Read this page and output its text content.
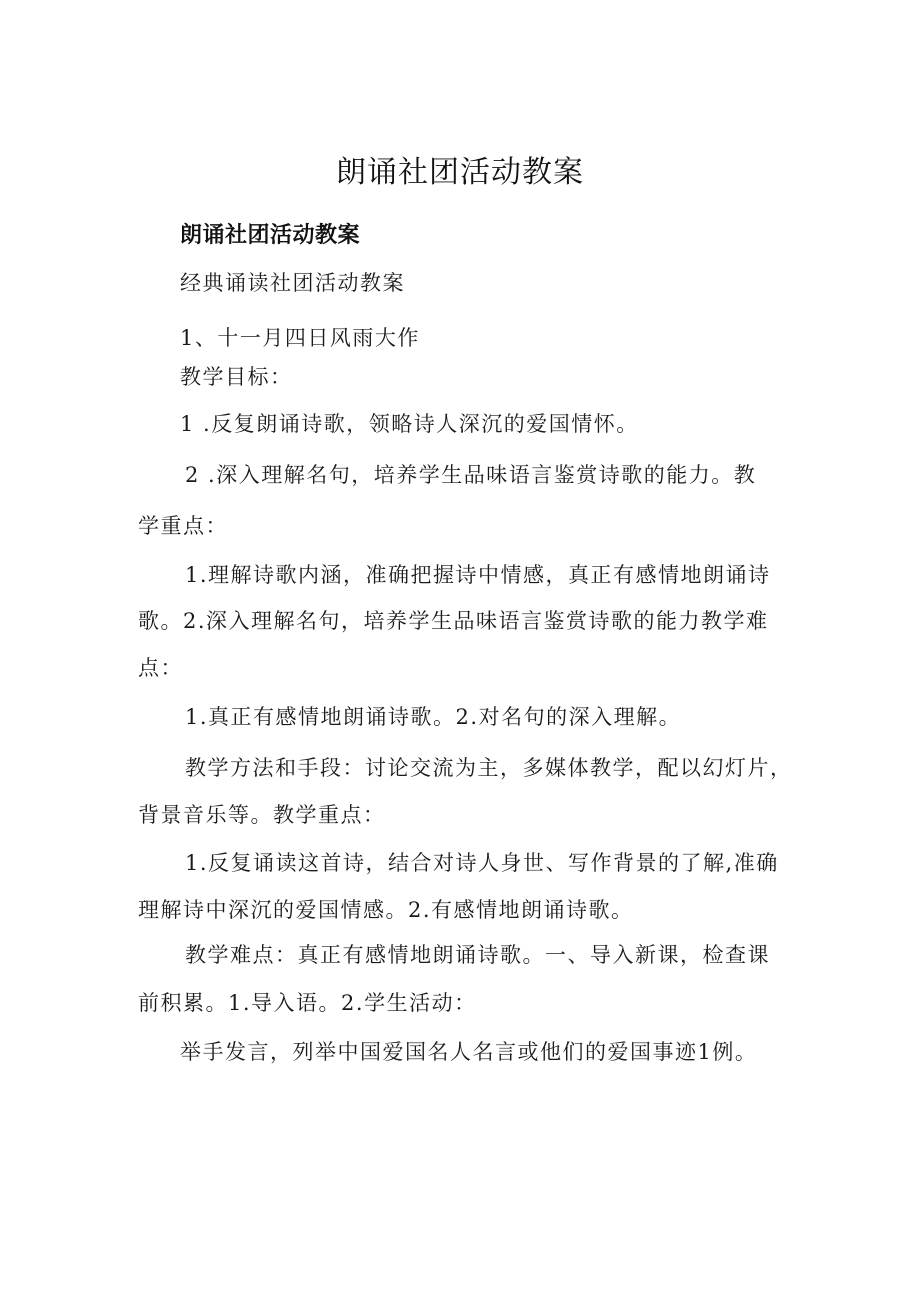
朗诵社团活动教案
朗诵社团活动教案
经典诵读社团活动教案
1、十一月四日风雨大作
教学目标：
1 .反复朗诵诗歌，领略诗人深沉的爱国情怀。
2 .深入理解名句，培养学生品味语言鉴赏诗歌的能力。教
学重点：
1.理解诗歌内涵，准确把握诗中情感，真正有感情地朗诵诗
歌。2.深入理解名句，培养学生品味语言鉴赏诗歌的能力教学难
点：
1.真正有感情地朗诵诗歌。2.对名句的深入理解。
教学方法和手段：讨论交流为主，多媒体教学，配以幻灯片，
背景音乐等。教学重点：
1.反复诵读这首诗，结合对诗人身世、写作背景的了解,准确
理解诗中深沉的爱国情感。2.有感情地朗诵诗歌。
教学难点：真正有感情地朗诵诗歌。一、导入新课，检查课
前积累。1.导入语。2.学生活动：
举手发言，列举中国爱国名人名言或他们的爱国事迹1例。
